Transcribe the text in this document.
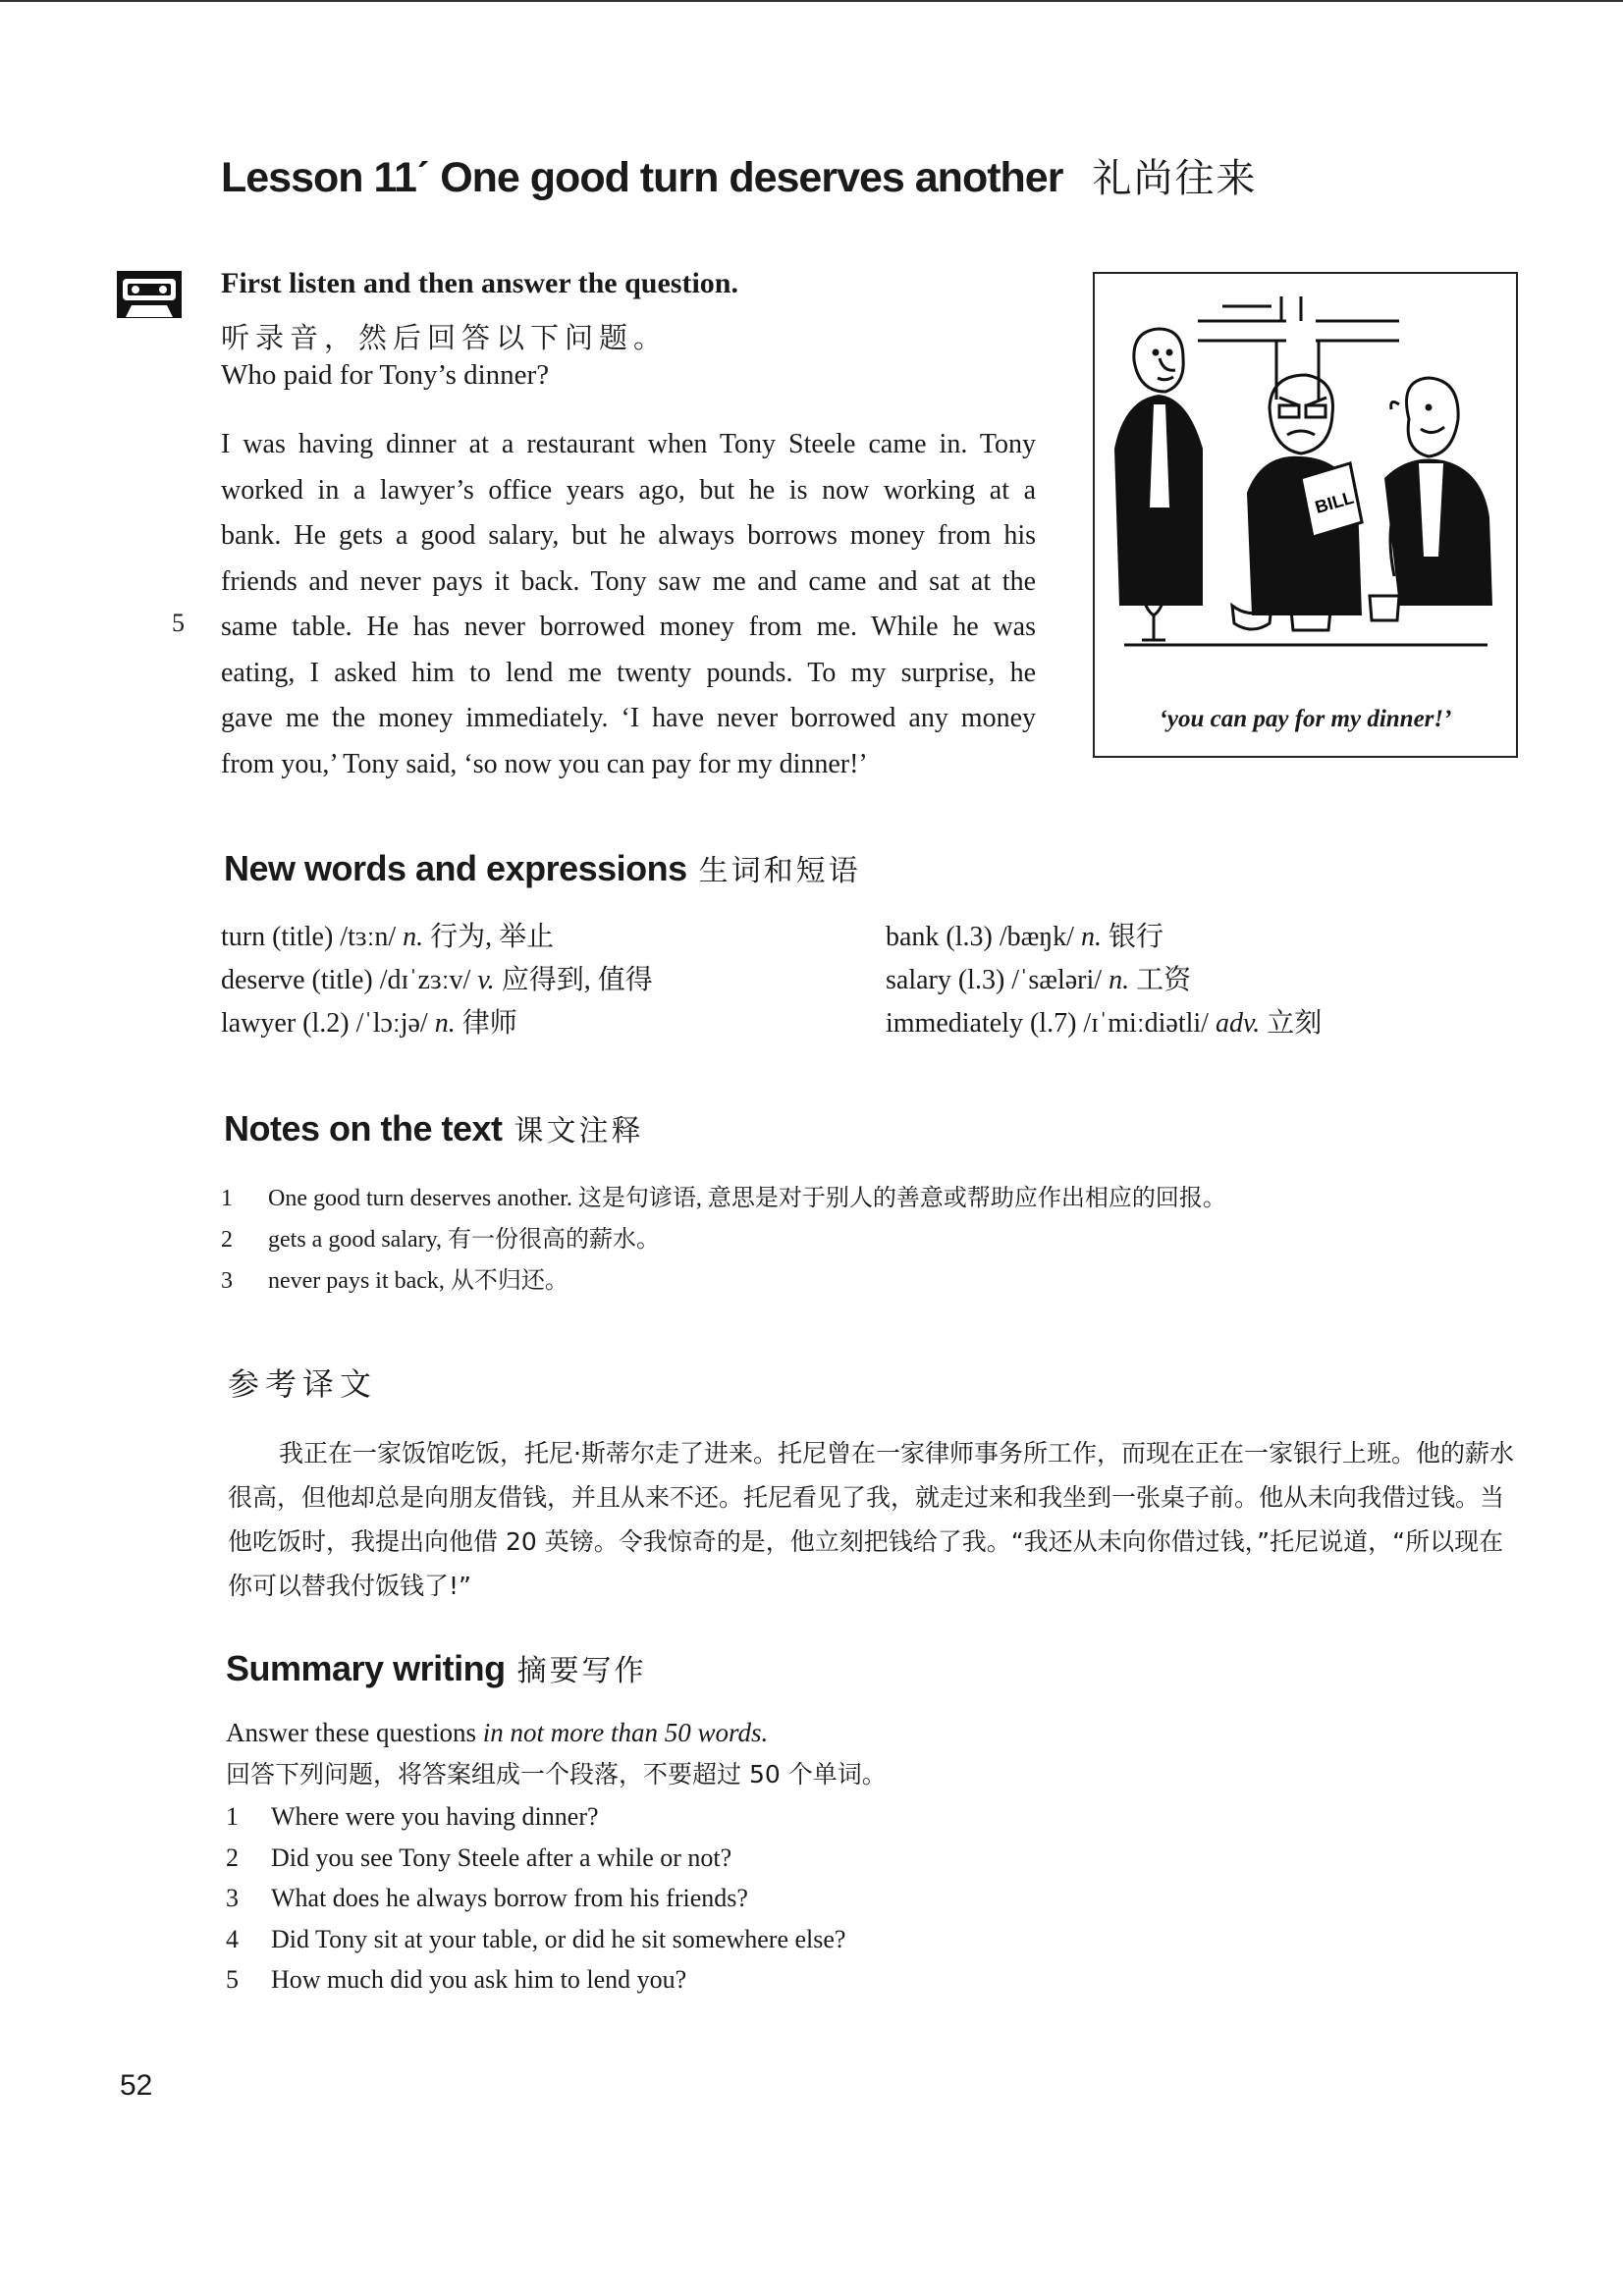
Lesson 11ˊ One good turn deserves another 礼尚往来
First listen and then answer the question.
听录音，然后回答以下问题。
Who paid for Tony’s dinner?
I was having dinner at a restaurant when Tony Steele came in. Tony
worked in a lawyer’s office years ago, but he is now working at a
bank. He gets a good salary, but he always borrows money from his
friends and never pays it back. Tony saw me and came and sat at the
same table. He has never borrowed money from me. While he was
eating, I asked him to lend me twenty pounds. To my surprise, he
gave me the money immediately. ‘I have never borrowed any money
from you,’ Tony said, ‘so now you can pay for my dinner!’
5
BILL
‘you can pay for my dinner!’
New words and expressions 生词和短语
turn (title) /tɜːn/ n. 行为, 举止
deserve (title) /dɪˈzɜːv/ v. 应得到, 值得
lawyer (l.2) /ˈlɔːjə/ n. 律师
bank (l.3) /bæŋk/ n. 银行
salary (l.3) /ˈsæləri/ n. 工资
immediately (l.7) /ɪˈmiːdiətli/ adv. 立刻
Notes on the text 课文注释
1 One good turn deserves another. 这是句谚语, 意思是对于别人的善意或帮助应作出相应的回报。
2 gets a good salary, 有一份很高的薪水。
3 never pays it back, 从不归还。
参考译文

我正在一家饭馆吃饭，托尼·斯蒂尔走了进来。托尼曾在一家律师事务所工作，而现在正在一家银行上班。他的薪水很高，但他却总是向朋友借钱，并且从来不还。托尼看见了我，就走过来和我坐到一张桌子前。他从未向我借过钱。当他吃饭时，我提出向他借 20 英镑。令我惊奇的是，他立刻把钱给了我。“我还从未向你借过钱，”托尼说道，“所以现在你可以替我付饭钱了!”

Summary writing 摘要写作
Answer these questions in not more than 50 words.
回答下列问题，将答案组成一个段落，不要超过 50 个单词。
1 Where were you having dinner?
2 Did you see Tony Steele after a while or not?
3 What does he always borrow from his friends?
4 Did Tony sit at your table, or did he sit somewhere else?
5 How much did you ask him to lend you?
52
